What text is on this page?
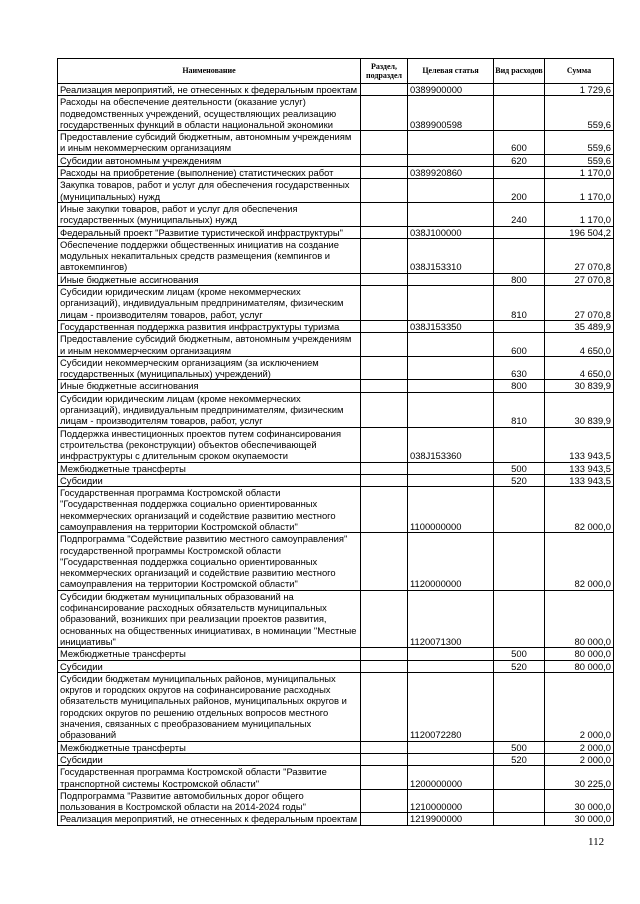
Наименование	Раздел, подраздел	Целевая статья	Вид расходов	Сумма
Реализация мероприятий, не отнесенных к федеральным проектам		0389900000		1 729,6
Расходы на обеспечение деятельности (оказание услуг) подведомственных учреждений, осуществляющих реализацию государственных функций в области национальной экономики		0389900598		559,6
Предоставление субсидий бюджетным, автономным учреждениям и иным некоммерческим организациям			600	559,6
Субсидии автономным учреждениям			620	559,6
Расходы на приобретение (выполнение) статистических работ		0389920860		1 170,0
Закупка товаров, работ и услуг для обеспечения государственных (муниципальных) нужд			200	1 170,0
Иные закупки товаров, работ и услуг для обеспечения государственных (муниципальных) нужд			240	1 170,0
Федеральный проект "Развитие туристической инфраструктуры"		038J100000		196 504,2
Обеспечение поддержки общественных инициатив на создание модульных некапитальных средств размещения (кемпингов и автокемпингов)		038J153310		27 070,8
Иные бюджетные ассигнования			800	27 070,8
Субсидии юридическим лицам (кроме некоммерческих организаций), индивидуальным предпринимателям, физическим лицам - производителям товаров, работ, услуг			810	27 070,8
Государственная поддержка развития инфраструктуры туризма		038J153350		35 489,9
Предоставление субсидий бюджетным, автономным учреждениям и иным некоммерческим организациям			600	4 650,0
Субсидии некоммерческим организациям (за исключением государственных (муниципальных) учреждений)			630	4 650,0
Иные бюджетные ассигнования			800	30 839,9
Субсидии юридическим лицам (кроме некоммерческих организаций), индивидуальным предпринимателям, физическим лицам - производителям товаров, работ, услуг			810	30 839,9
Поддержка инвестиционных проектов путем софинансирования строительства (реконструкции) объектов обеспечивающей инфраструктуры с длительным сроком окупаемости		038J153360		133 943,5
Межбюджетные трансферты			500	133 943,5
Субсидии			520	133 943,5
Государственная программа Костромской области "Государственная поддержка социально ориентированных некоммерческих организаций и содействие развитию местного самоуправления на территории Костромской области"		1100000000		82 000,0
Подпрограмма "Содействие развитию местного самоуправления" государственной программы Костромской области "Государственная поддержка социально ориентированных некоммерческих организаций и содействие развитию местного самоуправления на территории Костромской области"		1120000000		82 000,0
Субсидии бюджетам муниципальных образований на софинансирование расходных обязательств муниципальных образований, возникших при реализации проектов развития, основанных на общественных инициативах, в номинации "Местные инициативы"		1120071300		80 000,0
Межбюджетные трансферты			500	80 000,0
Субсидии			520	80 000,0
Субсидии бюджетам муниципальных районов, муниципальных округов и городских округов на софинансирование расходных обязательств муниципальных районов, муниципальных округов и городских округов по решению отдельных вопросов местного значения, связанных с преобразованием муниципальных образований		1120072280		2 000,0
Межбюджетные трансферты			500	2 000,0
Субсидии			520	2 000,0
Государственная программа Костромской области "Развитие транспортной системы Костромской области"		1200000000		30 225,0
Подпрограмма "Развитие автомобильных дорог общего пользования в Костромской области на 2014-2024 годы"		1210000000		30 000,0
Реализация мероприятий, не отнесенных к федеральным проектам		1219900000		30 000,0
112
